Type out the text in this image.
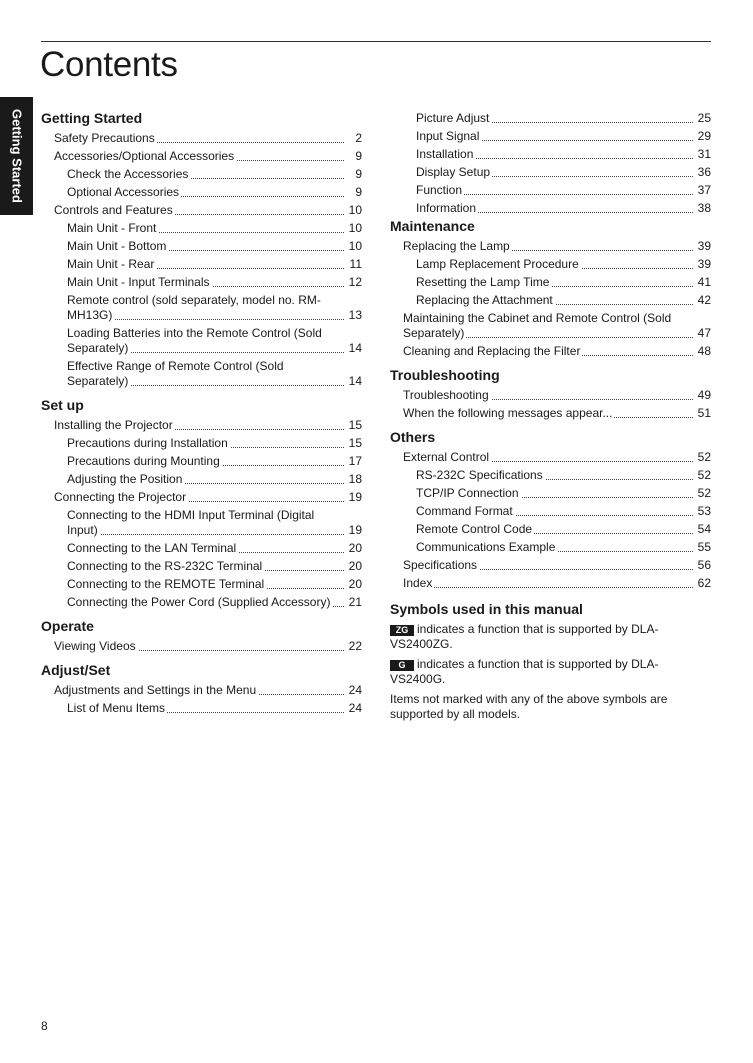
Contents
Getting Started Getting Started
Safety Precautions	2
Accessories/Optional Accessories	9
Check the Accessories	9
Optional Accessories	9
Controls and Features	10
Main Unit - Front	10
Main Unit - Bottom	10
Main Unit - Rear	11
Main Unit - Input Terminals	12
Remote control (sold separately, model no. RM-MH13G)	13
Loading Batteries into the Remote Control (Sold Separately)	14
Effective Range of Remote Control (Sold Separately)	14
Set up
Installing the Projector	15
Precautions during Installation	15
Precautions during Mounting	17
Adjusting the Position	18
Connecting the Projector	19
Connecting to the HDMI Input Terminal (Digital Input)	19
Connecting to the LAN Terminal	20
Connecting to the RS-232C Terminal	20
Connecting to the REMOTE Terminal	20
Connecting the Power Cord (Supplied Accessory)	21
Operate
Viewing Videos	22
Adjust/Set
Adjustments and Settings in the Menu	24
List of Menu Items	24
Picture Adjust	25
Input Signal	29
Installation	31
Display Setup	36
Function	37
Information	38
Maintenance
Replacing the Lamp	39
Lamp Replacement Procedure	39
Resetting the Lamp Time	41
Replacing the Attachment	42
Maintaining the Cabinet and Remote Control (Sold Separately)	47
Cleaning and Replacing the Filter	48
Troubleshooting
Troubleshooting	49
When the following messages appear...	51
Others
External Control	52
RS-232C Specifications	52
TCP/IP Connection	52
Command Format	53
Remote Control Code	54
Communications Example	55
Specifications	56
Index	62
Symbols used in this manual

ZG indicates a function that is supported by DLA-VS2400ZG.

G indicates a function that is supported by DLA-VS2400G.

Items not marked with any of the above symbols are supported by all models.

8
